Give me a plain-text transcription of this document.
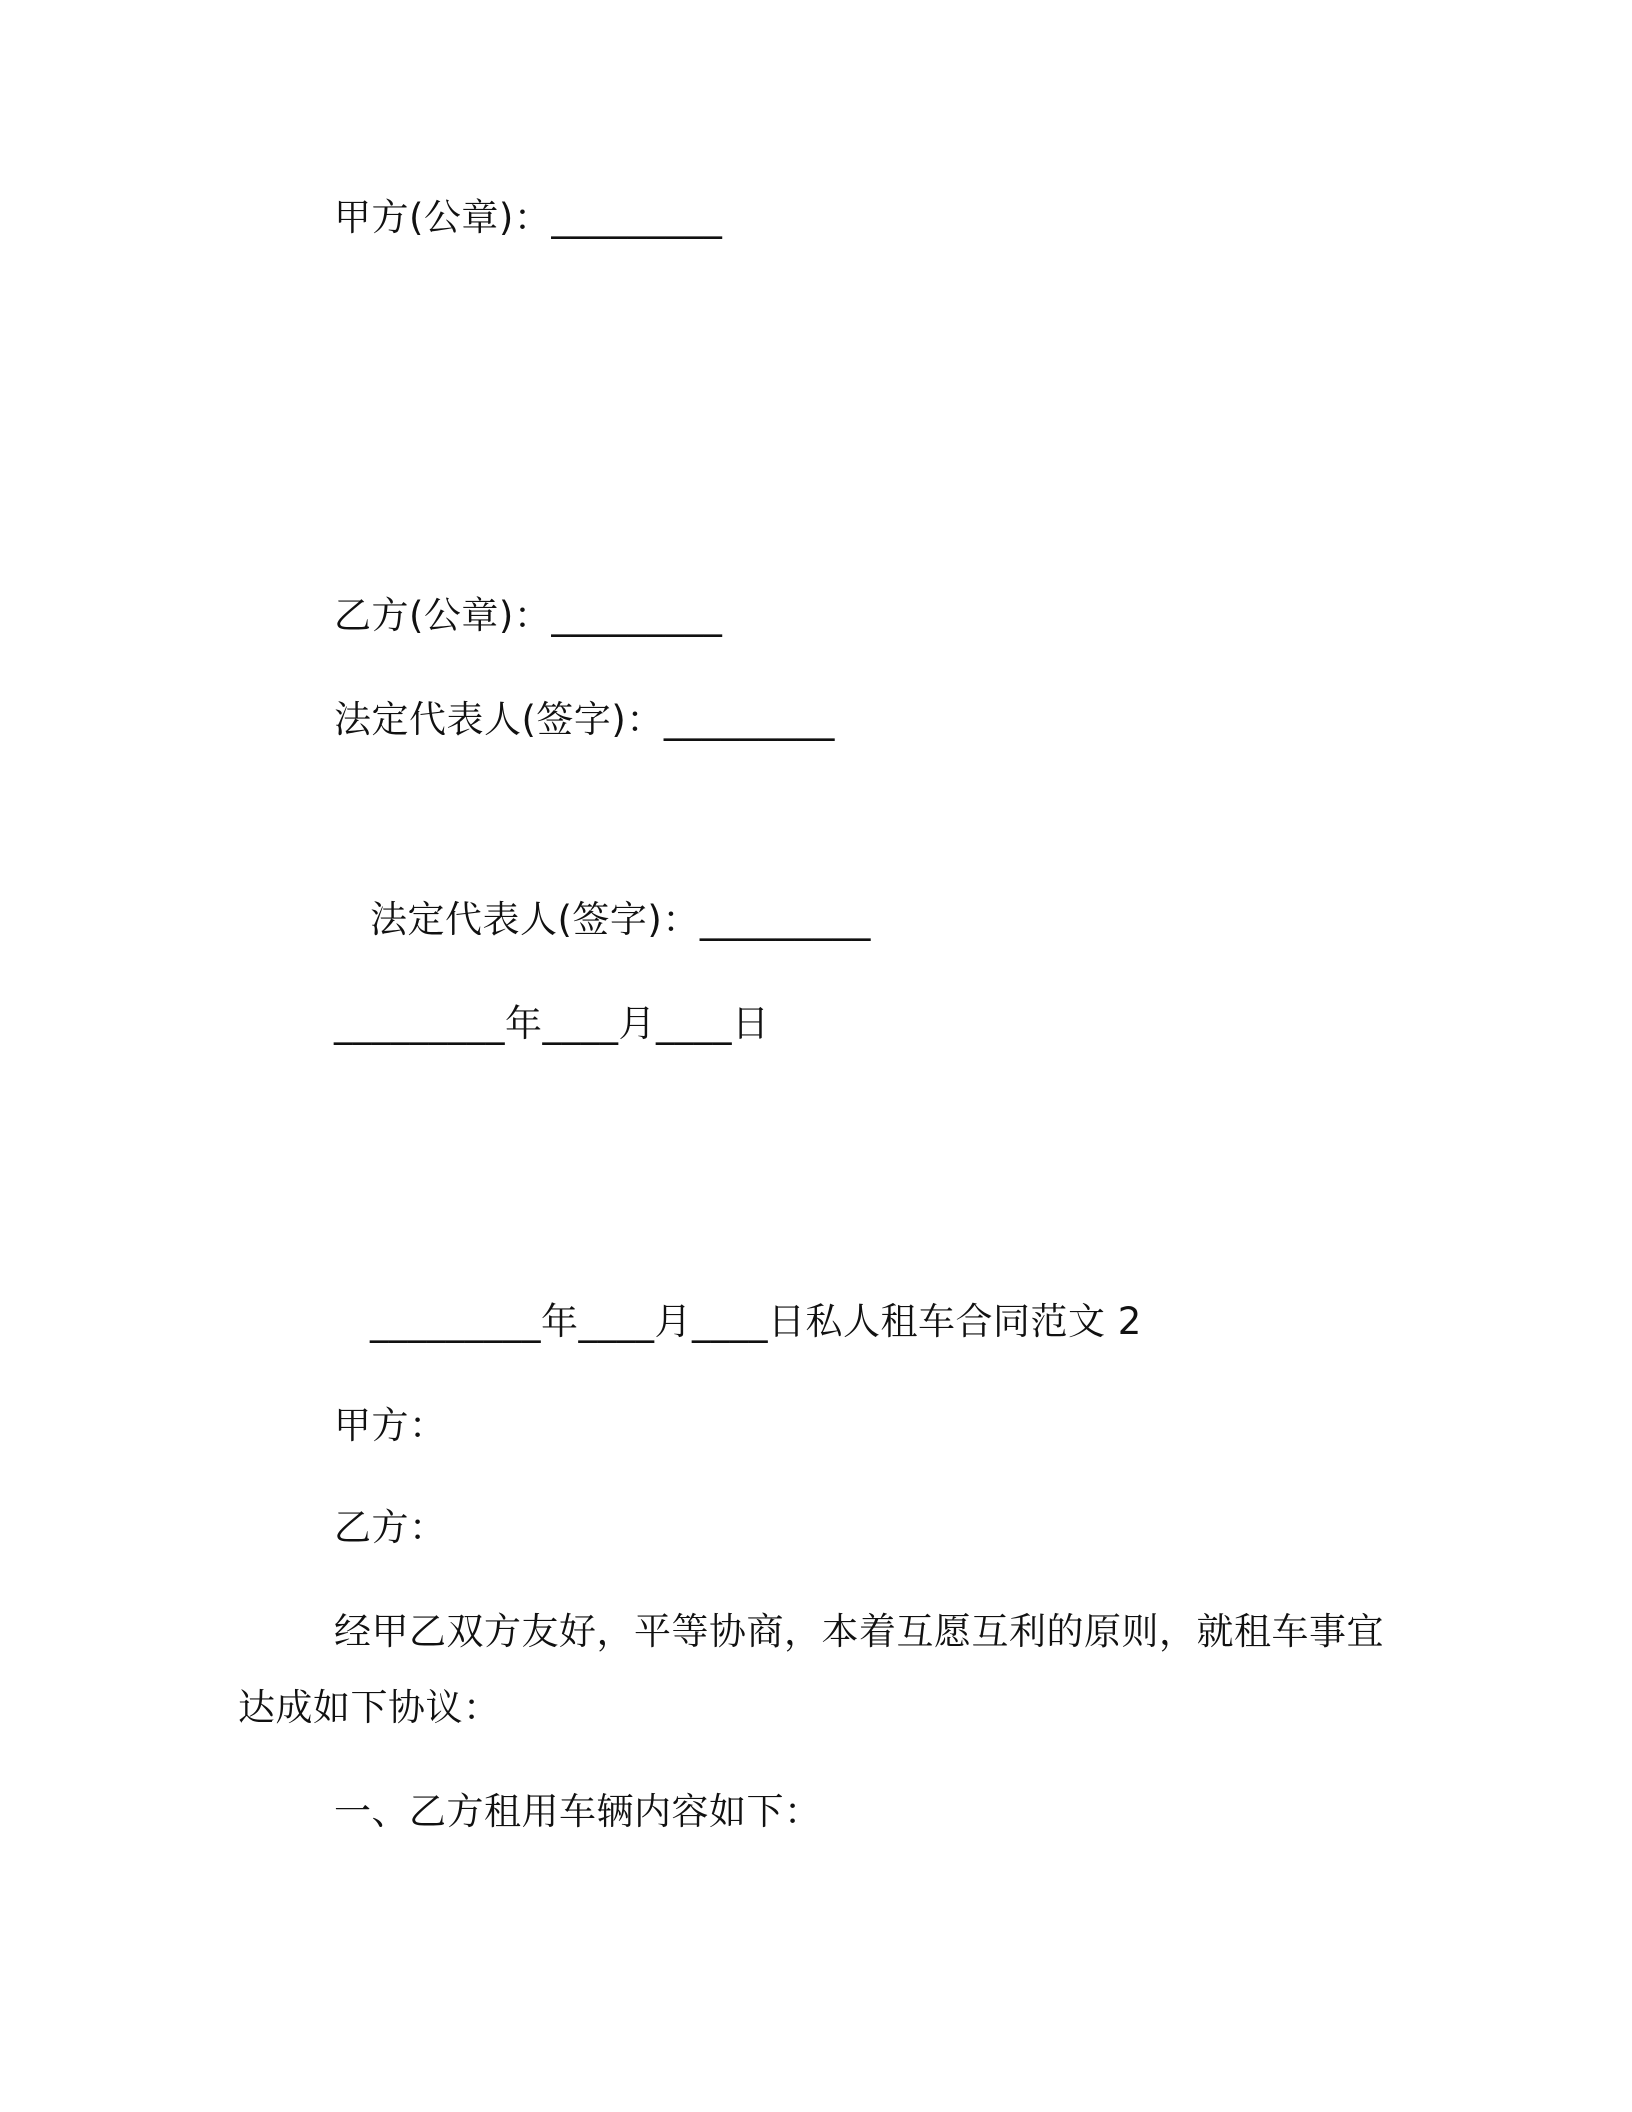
甲方(公章)：_________
乙方(公章)：_________
法定代表人(签字)：_________
法定代表人(签字)：_________
_________年____月____日
_________年____月____日私人租车合同范文 2
甲方：
乙方：
经甲乙双方友好，平等协商，本着互愿互利的原则，就租车事宜
达成如下协议：
一、乙方租用车辆内容如下：
